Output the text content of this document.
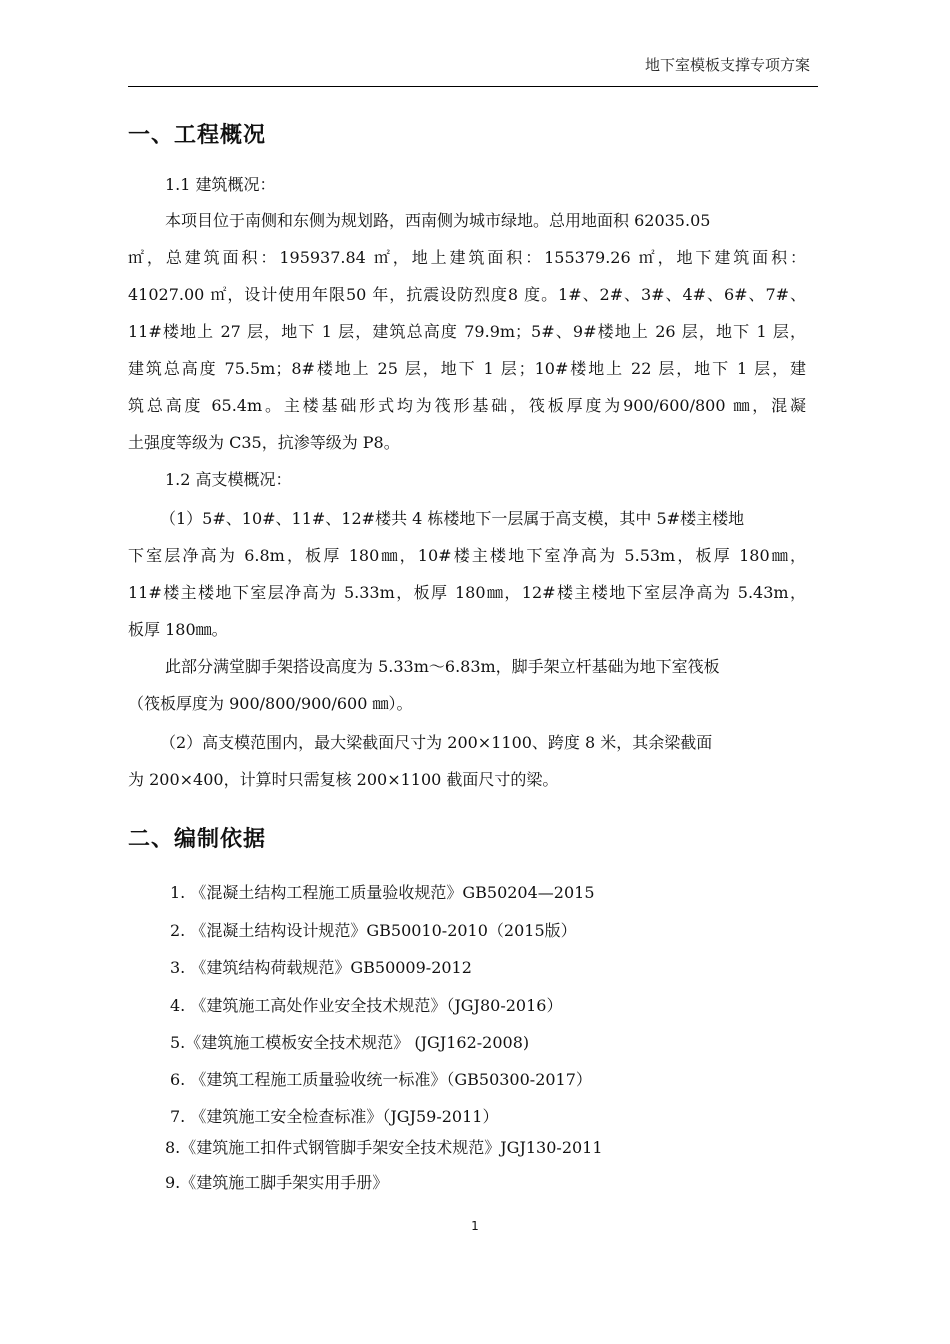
地下室模板支撑专项方案
一、工程概况
1.1 建筑概况：
本项目位于南侧和东侧为规划路，西南侧为城市绿地。总用地面积 62035.05
㎡，总建筑面积：195937.84 ㎡，地上建筑面积：155379.26 ㎡，地下建筑面积：
41027.00 ㎡，设计使用年限50 年，抗震设防烈度8 度。1#、2#、3#、4#、6#、7#、
11#楼地上 27 层，地下 1 层，建筑总高度 79.9m；5#、9#楼地上 26 层，地下 1 层，
建筑总高度 75.5m；8#楼地上 25 层，地下 1 层；10#楼地上 22 层，地下 1 层，建
筑总高度 65.4m。主楼基础形式均为筏形基础，筏板厚度为900/600/800 ㎜，混凝
土强度等级为 C35，抗渗等级为 P8。
1.2 高支模概况：
（1）5#、10#、11#、12#楼共 4 栋楼地下一层属于高支模，其中 5#楼主楼地
下室层净高为 6.8m，板厚 180㎜，10#楼主楼地下室净高为 5.53m，板厚 180㎜，
11#楼主楼地下室层净高为 5.33m，板厚 180㎜，12#楼主楼地下室层净高为 5.43m，
板厚 180㎜。
此部分满堂脚手架搭设高度为 5.33m～6.83m，脚手架立杆基础为地下室筏板
（筏板厚度为 900/800/900/600 ㎜）。
（2）高支模范围内，最大梁截面尺寸为 200×1100、跨度 8 米，其余梁截面
为 200×400，计算时只需复核 200×1100 截面尺寸的梁。
二、编制依据
1. 《混凝土结构工程施工质量验收规范》GB50204—2015
2. 《混凝土结构设计规范》GB50010-2010（2015版）
3. 《建筑结构荷载规范》GB50009-2012
4. 《建筑施工高处作业安全技术规范》（JGJ80-2016）
5.《建筑施工模板安全技术规范》 (JGJ162-2008)
6. 《建筑工程施工质量验收统一标准》（GB50300-2017）
7. 《建筑施工安全检查标准》（JGJ59-2011）
8.《建筑施工扣件式钢管脚手架安全技术规范》JGJ130-2011
9.《建筑施工脚手架实用手册》
1
